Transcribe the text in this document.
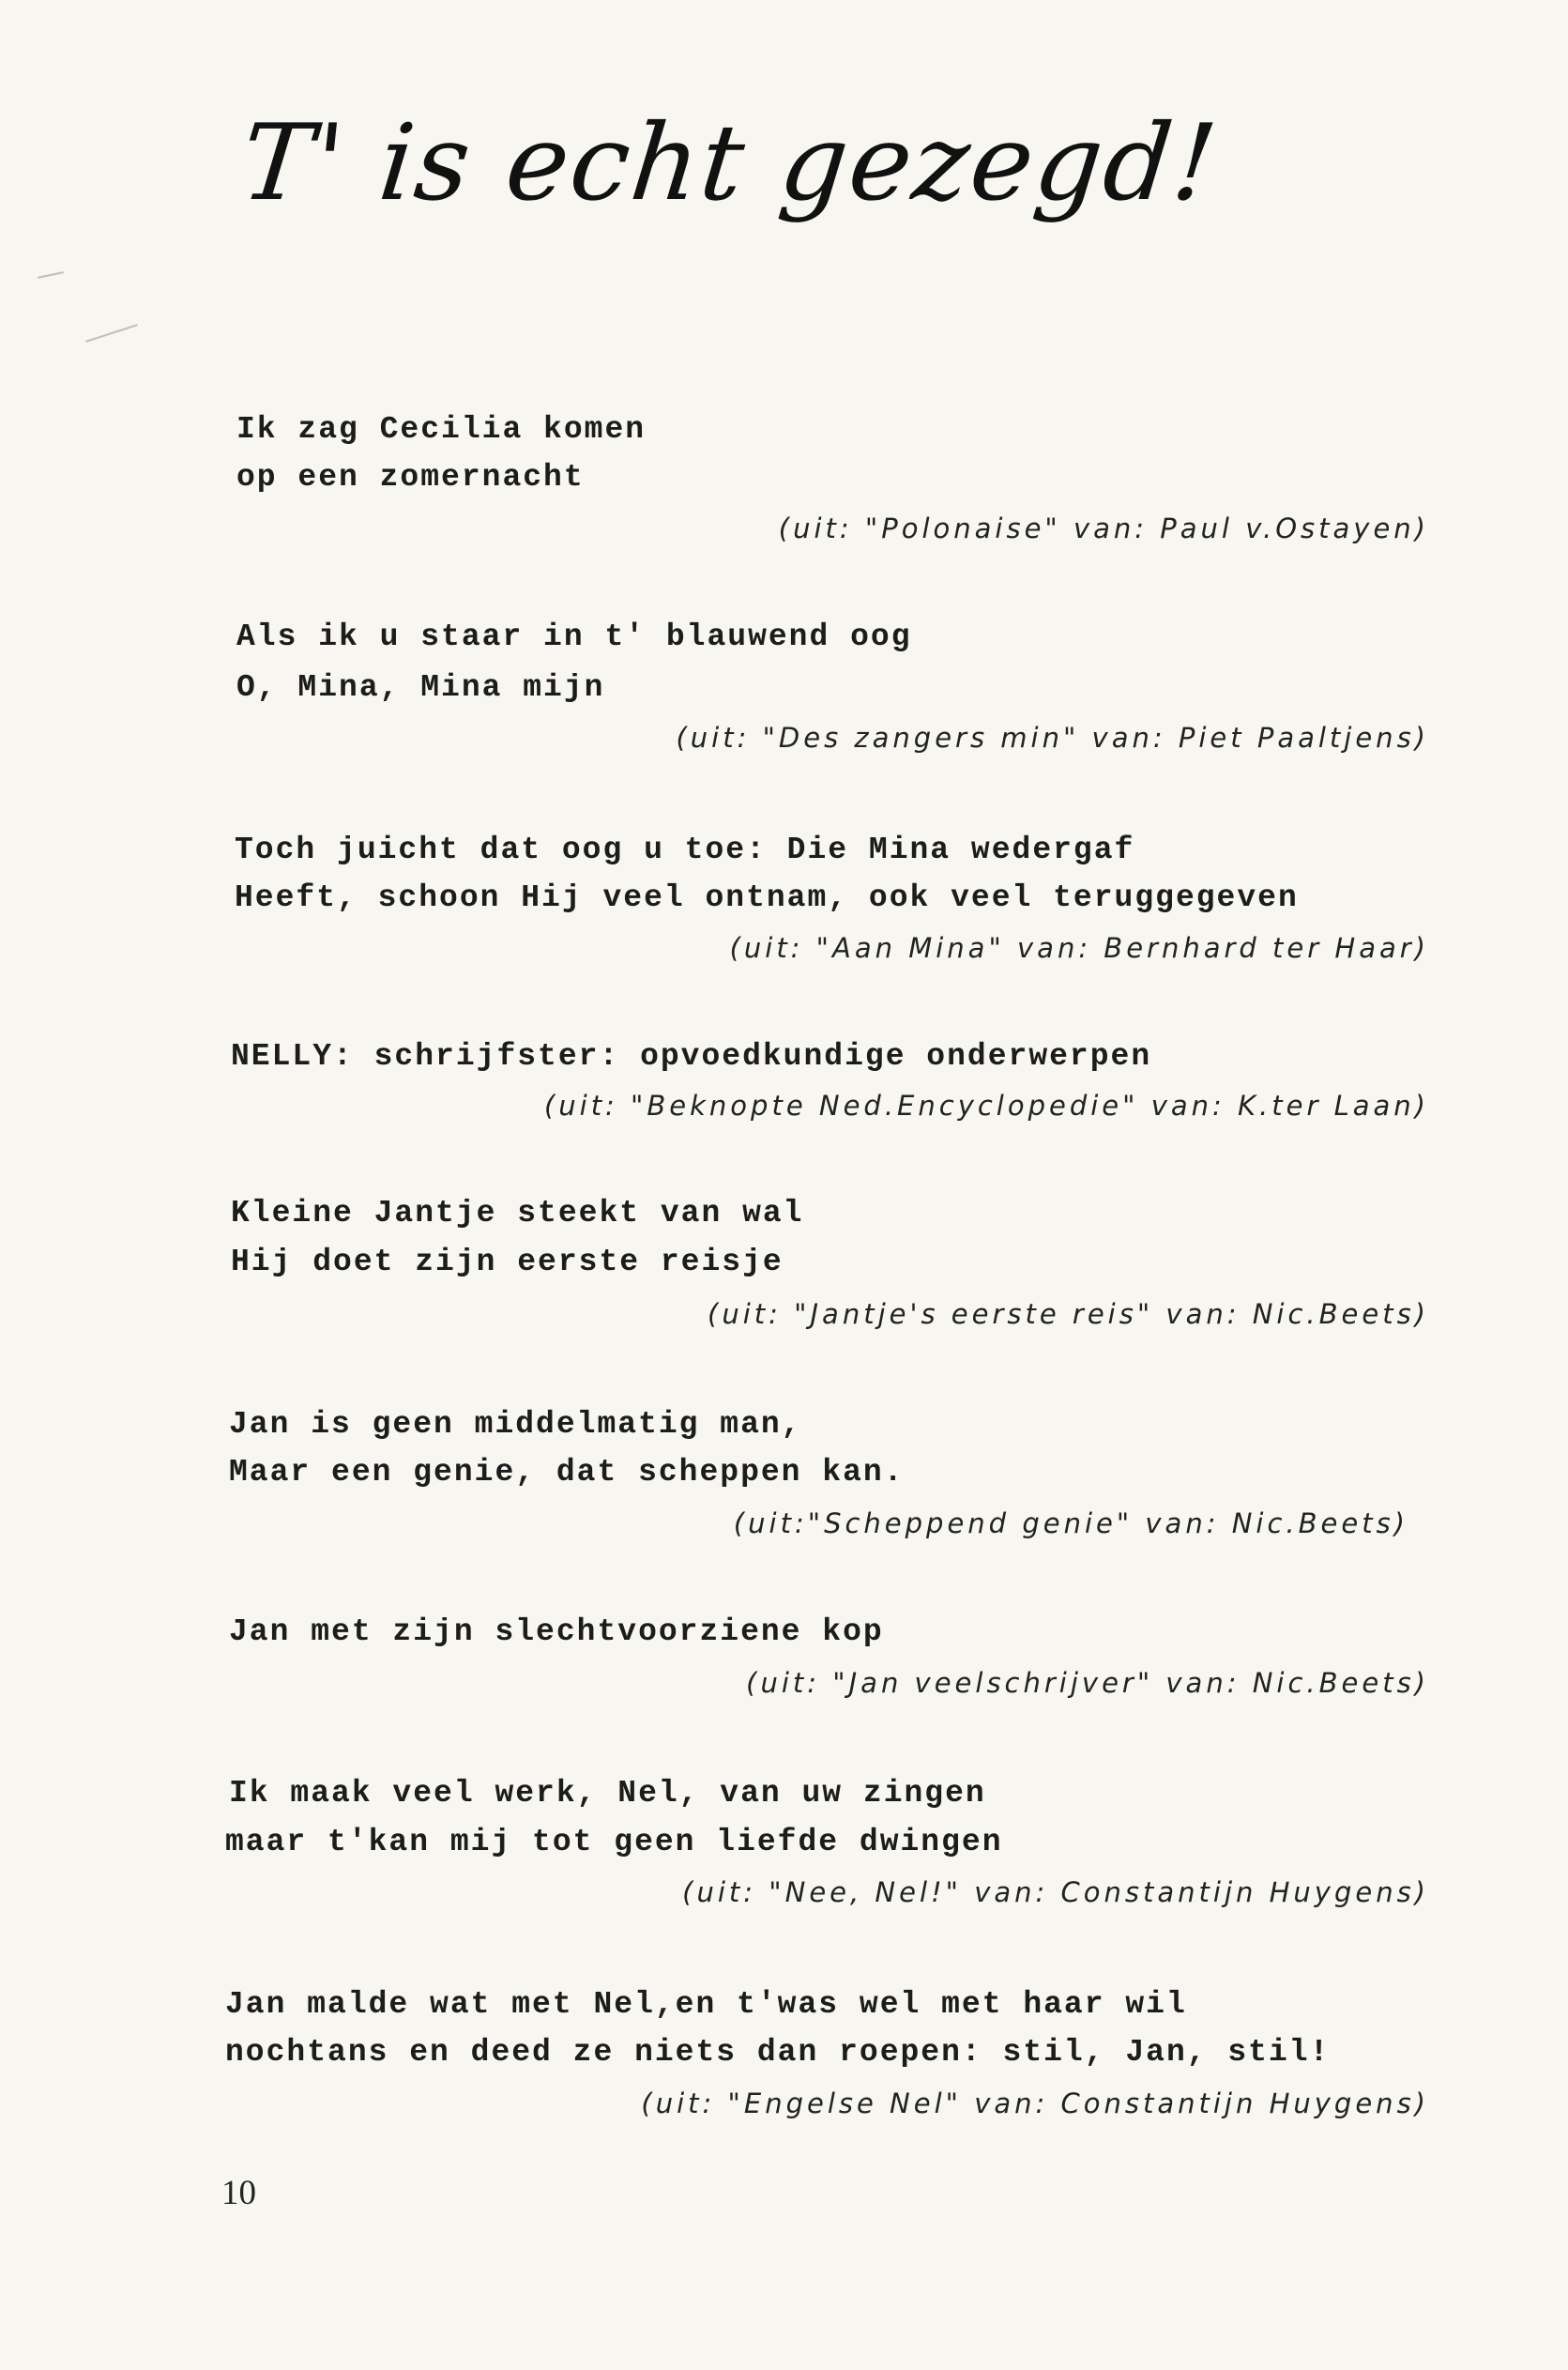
T' is echt gezegd!
Ik zag Cecilia komen
op een zomernacht
(uit: "Polonaise" van: Paul v.Ostayen)
Als ik u staar in t' blauwend oog
O, Mina, Mina mijn
(uit: "Des zangers min" van: Piet Paaltjens)
Toch juicht dat oog u toe: Die Mina wedergaf
Heeft, schoon Hij veel ontnam, ook veel teruggegeven
(uit: "Aan Mina" van: Bernhard ter Haar)
NELLY: schrijfster: opvoedkundige onderwerpen
(uit: "Beknopte Ned.Encyclopedie" van: K.ter Laan)
Kleine Jantje steekt van wal
Hij doet zijn eerste reisje
(uit: "Jantje's eerste reis" van: Nic.Beets)
Jan is geen middelmatig man,
Maar een genie, dat scheppen kan.
(uit:"Scheppend genie" van: Nic.Beets)
Jan met zijn slechtvoorziene kop
(uit: "Jan veelschrijver" van: Nic.Beets)
Ik maak veel werk, Nel, van uw zingen
maar t'kan mij tot geen liefde dwingen
(uit: "Nee, Nel!" van: Constantijn Huygens)
Jan malde wat met Nel,en t'was wel met haar wil
nochtans en deed ze niets dan roepen: stil, Jan, stil!
(uit: "Engelse Nel" van: Constantijn Huygens)
10
